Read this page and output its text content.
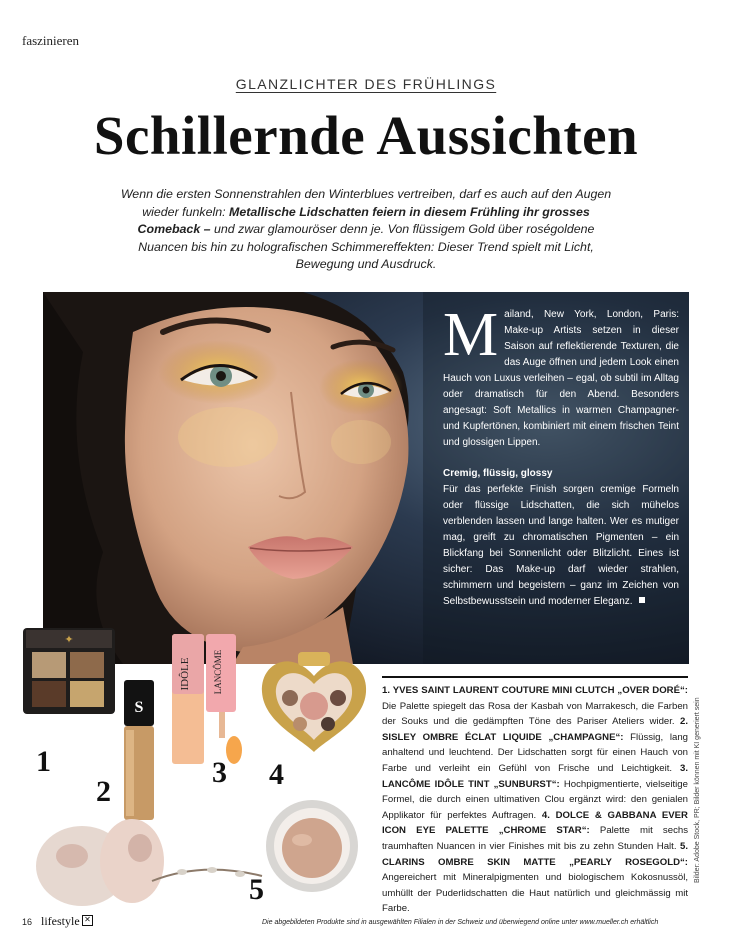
faszinieren
GLANZLICHTER DES FRÜHLINGS
Schillernde Aussichten
Wenn die ersten Sonnenstrahlen den Winterblues vertreiben, darf es auch auf den Augen wieder funkeln: Metallische Lidschatten feiern in diesem Frühling ihr grosses Comeback – und zwar glamouröser denn je. Von flüssigem Gold über roségoldene Nuancen bis hin zu holografischen Schimmereffekten: Dieser Trend spielt mit Licht, Bewegung und Ausdruck.
M ailand, New York, London, Paris: Make-up Artists setzen in dieser Saison auf reflektierende Texturen, die das Auge öffnen und jedem Look einen Hauch von Luxus verleihen – egal, ob subtil im Alltag oder dramatisch für den Abend. Besonders angesagt: Soft Metallics in warmen Champagner- und Kupfertönen, kombiniert mit einem frischen Teint und glossigen Lippen.

Cremig, flüssig, glossy

Für das perfekte Finish sorgen cremige Formeln oder flüssige Lidschatten, die sich mühelos verblenden lassen und lange halten. Wer es mutiger mag, greift zu chromatischen Pigmenten – ein Blickfang bei Sonnenlicht oder Blitzlicht. Eines ist sicher: Das Make-up darf wieder strahlen, schimmern und begeistern – ganz im Zeichen von Selbstbewusstsein und moderner Eleganz.

✦
S
IDÔLE LANCÔME
1
2
3 4
5
1. YVES SAINT LAURENT COUTURE MINI CLUTCH „OVER DORÉ“: Die Palette spiegelt das Rosa der Kasbah von Marrakesch, die Farben der Souks und die gedämpften Töne des Pariser Ateliers wider. 2. SISLEY OMBRE ÉCLAT LIQUIDE „CHAMPAGNE“: Flüssig, lang anhaltend und leuchtend. Der Lidschatten sorgt für einen Hauch von Farbe und verleiht ein Gefühl von Frische und Leichtigkeit. 3. LANCÔME IDÔLE TINT „SUNBURST“: Hochpigmentierte, vielseitige Formel, die durch einen ultimativen Clou ergänzt wird: den genialen Applikator für perfektes Auftragen. 4. DOLCE & GABBANA EVER ICON EYE PALETTE „CHROME STAR“: Palette mit sechs traumhaften Nuancen in vier Finishes mit bis zu zehn Stunden Halt. 5. CLARINS OMBRE SKIN MATTE „PEARLY ROSEGOLD“: Angereichert mit Mineralpigmenten und biologischem Kokosnussöl, umhüllt der Puderlidschatten die Haut natürlich und gleichmässig mit Farbe.
Bilder: Adobe Stock, PR; Bilder können mit KI generiert sein
16 lifestyle ✕	Die abgebildeten Produkte sind in ausgewählten Filialen in der Schweiz und überwiegend online unter www.mueller.ch erhältlich
